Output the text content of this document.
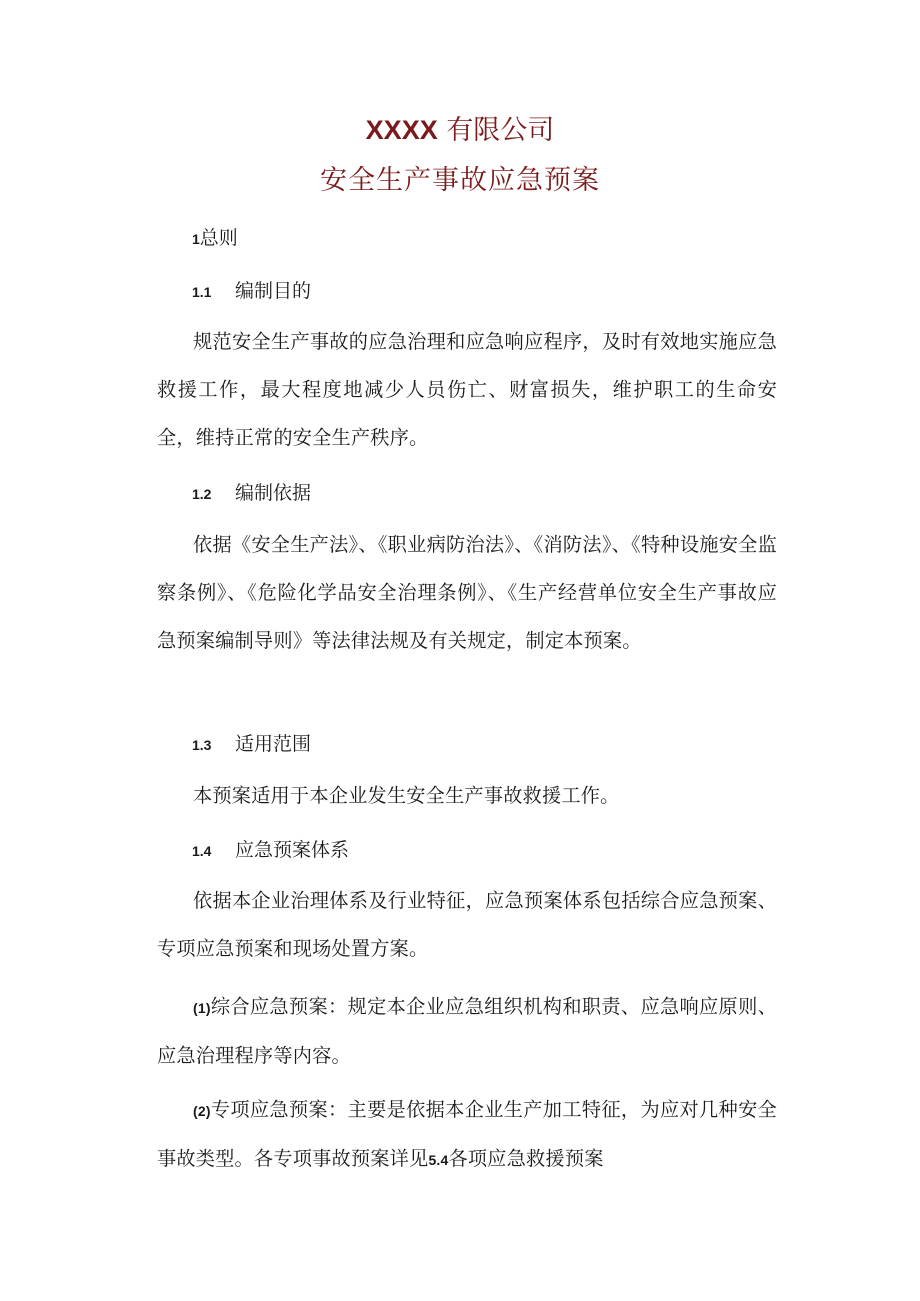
XXXX 有限公司
安全生产事故应急预案
1总则
1.1 编制目的
规范安全生产事故的应急治理和应急响应程序，及时有效地实施应急救援工作，最大程度地减少人员伤亡、财富损失，维护职工的生命安全，维持正常的安全生产秩序。
1.2 编制依据
依据《安全生产法》、《职业病防治法》、《消防法》、《特种设施安全监察条例》、《危险化学品安全治理条例》、《生产经营单位安全生产事故应急预案编制导则》等法律法规及有关规定，制定本预案。
1.3 适用范围
本预案适用于本企业发生安全生产事故救援工作。
1.4 应急预案体系
依据本企业治理体系及行业特征，应急预案体系包括综合应急预案、专项应急预案和现场处置方案。
(1)综合应急预案：规定本企业应急组织机构和职责、应急响应原则、应急治理程序等内容。
(2)专项应急预案：主要是依据本企业生产加工特征，为应对几种安全事故类型。各专项事故预案详见5.4各项应急救援预案
